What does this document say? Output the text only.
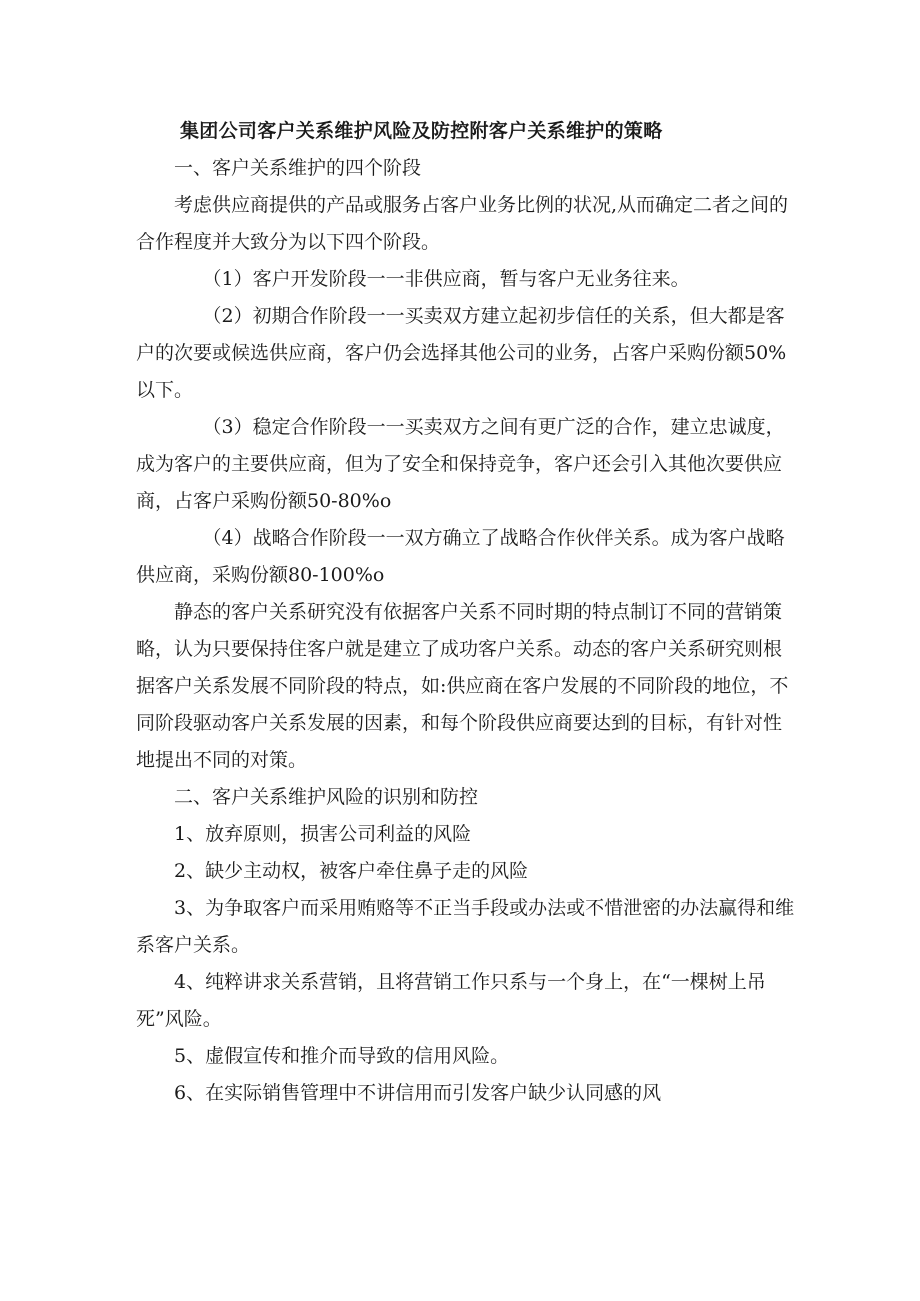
集团公司客户关系维护风险及防控附客户关系维护的策略

一、客户关系维护的四个阶段

考虑供应商提供的产品或服务占客户业务比例的状况,从而确定二者之间的合作程度并大致分为以下四个阶段。

（1）客户开发阶段一一非供应商，暂与客户无业务往来。

（2）初期合作阶段一一买卖双方建立起初步信任的关系，但大都是客户的次要或候选供应商，客户仍会选择其他公司的业务，占客户采购份额50%以下。

（3）稳定合作阶段一一买卖双方之间有更广泛的合作，建立忠诚度，成为客户的主要供应商，但为了安全和保持竞争，客户还会引入其他次要供应商，占客户采购份额50-80%o

（4）战略合作阶段一一双方确立了战略合作伙伴关系。成为客户战略供应商，采购份额80-100%o

静态的客户关系研究没有依据客户关系不同时期的特点制订不同的营销策略，认为只要保持住客户就是建立了成功客户关系。动态的客户关系研究则根据客户关系发展不同阶段的特点，如:供应商在客户发展的不同阶段的地位，不同阶段驱动客户关系发展的因素，和每个阶段供应商要达到的目标，有针对性地提出不同的对策。

二、客户关系维护风险的识别和防控

1、放弃原则，损害公司利益的风险

2、缺少主动权，被客户牵住鼻子走的风险

3、为争取客户而采用贿赂等不正当手段或办法或不惜泄密的办法赢得和维系客户关系。

4、纯粹讲求关系营销，且将营销工作只系与一个身上，在“一棵树上吊死”风险。

5、虚假宣传和推介而导致的信用风险。

6、在实际销售管理中不讲信用而引发客户缺少认同感的风
